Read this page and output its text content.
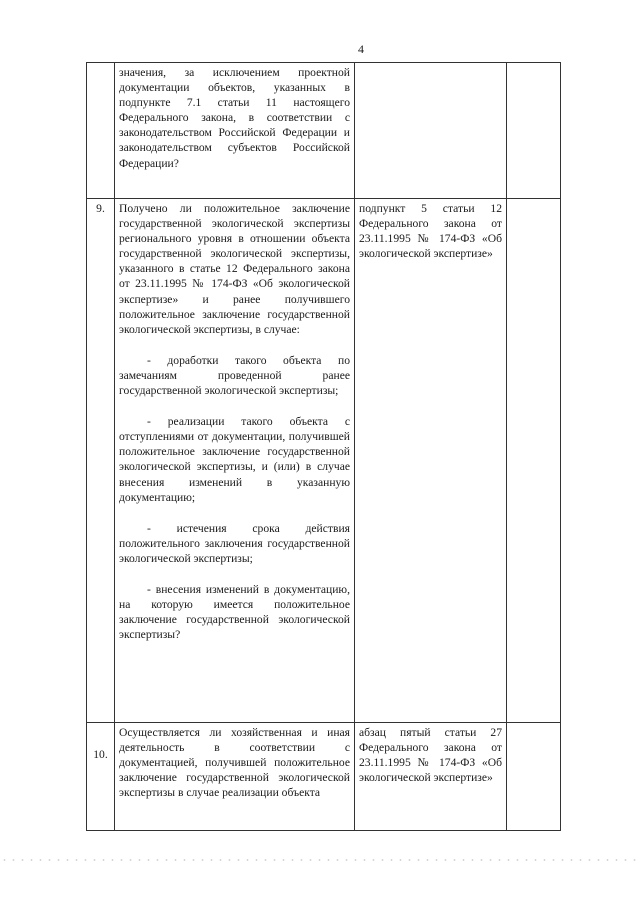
4

	значения, за исключением проектной документации объектов, указанных в подпункте 7.1 статьи 11 настоящего Федерального закона, в соответствии с законодательством Российской Федерации и законодательством субъектов Российской Федерации?		

9.	Получено ли положительное заключение государственной экологической экспертизы регионального уровня в отношении объекта государственной экологической экспертизы, указанного в статье 12 Федерального закона от 23.11.1995 № 174-ФЗ «Об экологической экспертизе» и ранее получившего положительное заключение государственной экологической экспертизы, в случае:

- доработки такого объекта по замечаниям проведенной ранее государственной экологической экспертизы;

- реализации такого объекта с отступлениями от документации, получившей положительное заключение государственной экологической экспертизы, и (или) в случае внесения изменений в указанную документацию;

- истечения срока действия положительного заключения государственной экологической экспертизы;

- внесения изменений в документацию, на которую имеется положительное заключение государственной экологической экспертизы?	подпункт 5 статьи 12 Федерального закона от 23.11.1995 № 174-ФЗ «Об экологической экспертизе»	

10.	Осуществляется ли хозяйственная и иная деятельность в соответствии с документацией, получившей положительное заключение государственной экологической экспертизы в случае реализации объекта	абзац пятый статьи 27 Федерального закона от 23.11.1995 № 174-ФЗ «Об экологической экспертизе»	
